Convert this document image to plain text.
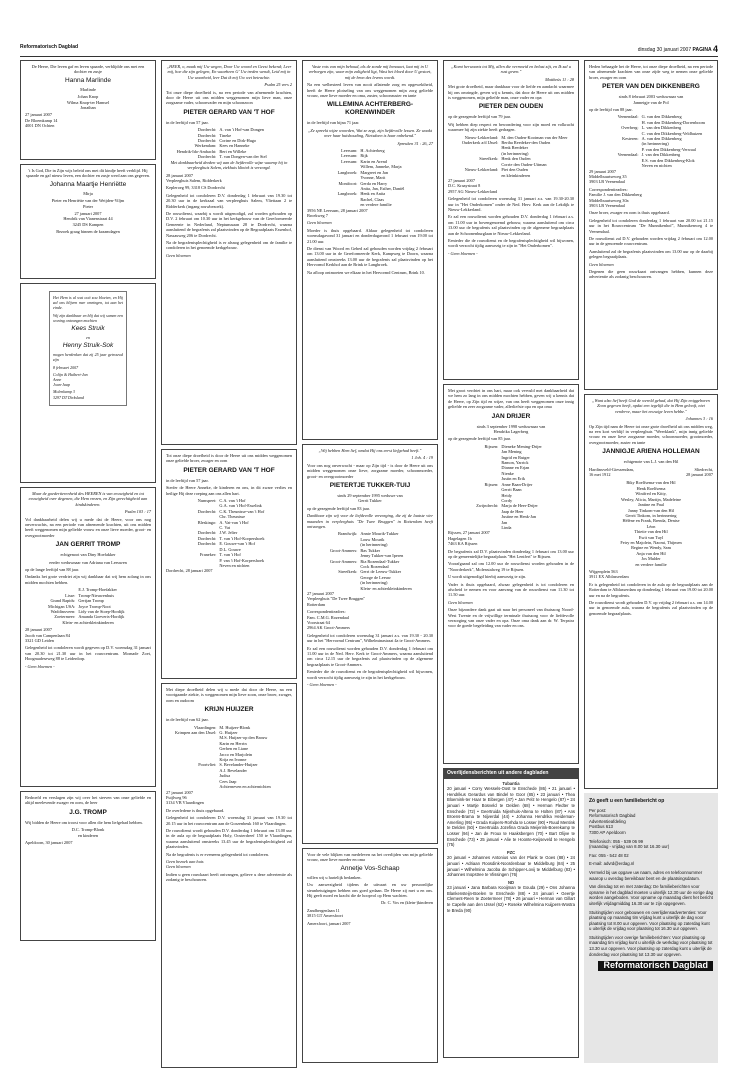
Reformatorisch Dagblad	dinsdag 30 januari 2007 PAGINA 4

De Heere, Die leven gaf en leven spaarde, verblijdde ons met een dochter en zusje

Hanna Marlinde

Marlinde

Johan Knop
Wilma Knop-ter Hamsel
Jonathan

27 januari 2007
De Bloemkamp 14
4001 DN Ochten

't Is God, Die in Zijn wijs beleid ons met dit kindje heeft verblijd. Hij spaarde en gaf nieuw leven, een dochter en zusje werd aan ons gegeven.

Johanna Maartje Henriëtte

Mirja

Pieter en Henriëtte van der Weijden-Viljm
Pieter

27 januari 2007
Hendrik van Vianenstraat 44
3245 DS Kampen

Bezoek graag binnen de kraamdagen

Het Hem is al wat ooit zou bloeien, en Hij zal ons blijven mee omringen, tot aan het einde.

Wij zijn dankbaar en blij dat wij samen een woning ontvangen mochten

Kees Struik

en

Henny Struik-Sok

mogen herdenken dat zij 25 jaar getrouwd zijn

8 februari 2007

Colijn & Huibert-Jan
Anne
Joan-Jaap

Molenkamp 3
3297 DT Dirksland

Maar de goedertierenheid des HEEREN is van eeuwigheid en tot eeuwigheid over degenen, die Hem vrezen, en Zijn gerechtigheid aan kindskinderen.

Psalm 103 : 17

Vol dankbaarheid delen wij u mede dat de Heere, voor ons nog onverwachts, na een periode van afnemende krachten, uit ons midden heeft weggenomen mijn geliefde vrouw en onze lieve moeder, groot- en overgrootmoeder

JAN GERRIT TROMP

echtgenoot van Diny Hoefakker

eerder weduwnaar van Adriana van Leeuwen

op de lange leeftijd van 88 jaar.

Ondanks het grote verdriet zijn wij dankbaar dat wij hem zolang in ons midden mochten hebben.

E.J. Tromp-Hoefakker
Lisse: Tromp-Nieuwenhuis
Grand Rapids: Gertjan Tromp
Michigan USA: Joyce Tromp-Noot
Waddinxveen: Lidy van de Stoep-Hordijk
Zoetermeer: Amanda Goeverts-Hordijk

Klein- en achterkleinkinderen

28 januari 2007
Jacob van Campenlaan 84
3321 GD Leiden

Gelegenheid tot condoleren wordt gegeven op D.V. woensdag 31 januari van 20.30 tot 21.30 uur in het rouwcentrum. Mornade Zoet, Hoogmadeseweg 88 te Leiderdorp.

- Geen bloemen -

Bedroefd en verslagen zijn wij over het sterven van onze geliefde en altijd meelevende zwager en oom, de heer

J.G. TROMP

Wij bidden de Heere om troost voor allen die hem liefgehad hebben.

D.C. Tromp-Blonk
en kinderen

Apeldoorn, 30 januari 2007

„HEER, o, maak mij Uw wegen, Door Uw woord en Geest bekend; Leer mij, hoe die zijn gelegen, En waarheen G' Uw treden wendt, Leid mij in Uw waarheid, leer Dat ik mij Uw wet betrachte.

Psalm 25 vers 2

Tot onze diepe droefheid is, na een periode van afnemende krachten, door de Heere uit ons midden weggenomen mijn lieve man, onze zorgzame vader, schoonvader en mijn schoonzoon

PIETER GERARD VAN 'T HOF

in de leeftijd van 57 jaar.

Dordrecht: A. van 't Hof-van Dongen
Dordrecht: Tineke
Dordrecht: Corine en Dirk-Hugo
Werkendam: Kees en Hanneke
Hendrik-Ido-Ambacht: Bert en Willeke
Dordrecht: T. van Dongen-van der Stel

Met dankbaarheid denken wij aan de liefdevolle wijze waarop hij in verpleeghuis Salem, ziekhuis kliniek is verzorgd.

28 januari 2007
Verpleeghuis Salem, Ridderkerk

Kepleroeg 99, 3318 CS Dordrecht

Gelegenheid tot condoleren D.V. donderdag 1 februari van 19.30 tot 20.30 uur in de kerkzaal van verpleeghuis Salem, Vliettaan 2 te Ridderkerk (ingang rouwbezoek).

De rouwdienst, waarbij u wordt uitgenodigd, zal worden gehouden op D.V. 2 februari om 10.30 uur in het kerkgebouw van de Gereformeerde Gemeente in Nederland, Neptunusaan 28 te Dordrecht, waarna aansluitend de begrafenis zal plaatsvinden op de Begraafplaats Essenhof, Nassauweg 206 te Dordrecht.

Na de begrafenisplechtigheid is er alsnog gelegenheid om de familie te condoleren in het genoemde kerkgebouw.

Geen bloemen

Tot onze diepe droefheid is door de Heere uit ons midden weggenomen onze geliefde broer, zwager en oom

PIETER GERARD VAN 'T HOF

in de leeftijd van 57 jaar.

Sterfer de Heere Anneke, de kinderen en ons, in dit zware verlies en heilige Hij deze roeping aan ons allen hart.

Numspeet: C.A. van 't Hof
G.A. van 't Hof-Esselink
Dordrecht: C.K. Theunisse-van 't Hof
Chr. Theunisse
Bleskingo: A. Vat-van 't Hof
C. Vat
Dordrecht: J.W. Jelier
Dordrecht: T. van 't Hof-Korpershoek
Dordrecht: E. Gouwe-van 't Hof
D.L. Gouwe
Franeker: T. van 't Hof
P. van 't Hof-Korpershoek
Neven en nichten

Dordrecht, 28 januari 2007

Met diepe droefheid delen wij u mede dat door de Heere, na een voortgaande ziekte, is weggenomen mijn lieve zoon, onze broer, zwager, oom en oudoom

KRIJN HUIJZER

in de leeftijd van 62 jaar.

Vlaardingen: M. Huijzer-Blonk
Krimpen aan den IJssel: G. Huijzer
M.S. Huijzer-op den Brouw
Karin en Herrin
Gerben en Liane
Jacco en Marjolein
Krija en Ivonne
Poortvliet: S. Bevelander-Huijzer
A.J. Bevelander
Judisa
Cees Jaap
Achterneven en achternichten

27 januari 2007
Fuijlweg 96
3134 VB Vlaardingen

De overledene is thuis opgebaard.

Gelegenheid tot condoleren D.V. woensdag 31 januari van 19.30 tot 20.15 uur in het rouwcentrum aan de Gorzenbeuk 160 te Vlaardingen.

De rouwdienst wordt gehouden D.V. donderdag 1 februari om 13.00 uur in de aula op de begraafplaats Holy, Oosterdreef 150 te Vlaardingen, waarna aansluitend omstreeks 13.45 uur de begrafenisplechtigheid zal plaatsvinden.

Na de begrafenis is er eveneens gelegenheid tot condoleren.

Geen bezoek aan huis
Geen bloemen

Indien u geen rouwkaart heeft ontvangen, gelieve u deze advertentie als zodanig te beschouwen.

Vaste rots van mijn behoud, als de zonde mij benauwt, laat mij in U verborgen zijn, waar mijn zaligheid ligt, Wast het bloed door U gestort, mij de bron des levens wordt.

Na een welbesteed leven van nooit aflatende zorg en opgewektheid, heeft de Heere plotseling van ons weggenomen mijn zorg geliefde vrouw, onze lieve moeder en oma, zuster, schoonzuster en tante

WILLEMINA ACHTERBERG-KORENWINDER

in de leeftijd van bijna 71 jaar.

„Ze spreekt wijze woorden, Wat ze zegt, zijn liefdevolle lessen. Ze waakt over haar huishouding, Nietsdoen is haar onbekend."

Spreuken 31 : 26, 27

Leersum: H. Achterberg
Leersum: Rijk
Leersum: Karin en Arend
Willem, Janneke, Marja
Langbroek: Margreet en Jan
Yvonne, Marit
Montfoort: Gerda en Harry
Anita, Jan, Esther, Daniël
Langbroek: Henk en Anita
Rachel, Claas
en verdere familie

3956 NE Leersum, 28 januari 2007
Broekweg 7

Geen bloemen

Moeder is thuis opgebaard. Aldaar gelegenheid tot condoleren woensdagavond 31 januari en donderdagavond 1 februari van 19.00 tot 21.00 uur.

De dienst van Woord en Gebed zal gehouden worden vrijdag 2 februari om 13.00 uur in de Gereformeerde Kerk, Kampweg te Doorn, waarna aansluitend omstreeks 13.00 uur de begrafenis zal plaatsvinden op het Hervormd Kerkhof aan de Brink te Langbroek.

Na afloop ontmoeten we elkaar in het Hervormd Centrum, Brink 10.

„Wij hebben Hem lief, omdat Hij ons eerst liefgehad heeft."

1 Joh. 4 : 19

Voor ons nog onverwacht - maar op Zijn tijd - is door de Heere uit ons midden weggenomen onze lieve, zorgzame moeder, schoonmoeder, groot- en overgrootmoeder

PIETERTJE TUKKER-TUIJ

sinds 29 september 1995 weduwe van
Gerrit Tukker

op de gezegende leeftijd van 83 jaar.

Dankbaar zijn wij voor de liefdevolle verzorging, die zij de laatste vier maanden in verpleeghuis "De Twee Bruggen" in Rotterdam heeft ontvangen.

Brandwijk: Annie Mourik-Tukker
Louw Mourik
(in herinnering)
Groot-Ammers: Bas Tukker
Jenny Tukker-van Iperen
Groot-Ammers: Ria Rozendaal-Tukker
Cock Rozendaal
Streefkerk: Gerri de Leeuw-Tukker
George de Leeuw
(in herinnering)
Klein- en achterkleinkinderen

27 januari 2007
Verpleeghuis "De Twee Bruggen"
Rotterdam

Correspondentieadres:
Fam. C.M.G. Rozendaal
Voorstraat 64
2964 AK Groot-Ammers

Gelegenheid tot condoleren woensdag 31 januari a.s. van 19.30 - 20.30 uur in het "Hervormd Centrum", Wilhelminastraat 4a te Groot-Ammers.

Er zal een rouwdienst worden gehouden D.V. donderdag 1 februari om 11.00 uur in de Ned. Herv. Kerk te Groot-Ammers, waarna aansluitend om circa 12.15 uur de begrafenis zal plaatsvinden op de algemene begraafplaats te Groot-Ammers.

Eenieder die de rouwdienst en de begrafenisplechtigheid wil bijwonen, wordt verzocht tijdig aanwezig te zijn in het kerkgebouw.

- Geen bloemen -

Voor de vele blijken van medeleven na het overlijden van mijn geliefde vrouw, onze lieve moeder en oma

Annetje Vos-Schaap

willen wij u hartelijk bedanken.

Uw aanwezigheid tijdens de uitvaart en uw persoonlijke steunbetuigingen hebben ons goed gedaan. De Heere zij met u en ons. Hij geeft moed en kracht die de hoopvol op Hem wachten.

Dr. C. Vos en (klein-)kinderen

Zandbergenlaan 11
3815 GT Amersfoort

Amersfoort, januari 2007

„Komt herwaarts tot Mij, allen die vermoeid en belast zijt, en Ik zal u rust geven."

Mattheüs 11 : 28

Met grote droefheid, maar dankbaar voor de liefde en aandacht waarmee hij ons omringde, geven wij u kennis, dat door de Heere uit ons midden is weggenomen, mijn geliefde man, onze vader en opa

PIETER DEN OUDEN

op de gezegende leeftijd van 79 jaar.

Wij hebben diep respect en bewondering voor zijn moed en volkracht waarmee hij zijn ziekte heeft gedragen.

Nieuw-Lekkerland: M. den Ouden-Kooiman van der Meer
Ouderkerk a/d IJssel: Bertha Reedeker-den Ouden
Henk Reedeker
(in herinnering)
Streefkerk: Henk den Ouden
Corrie den Ouden-Uitman
Nieuw-Lekkerland: Piet den Ouden
en kleinkinderen

27 januari 2007
D.C. Kraaystraat 8
2957 AG Nieuw-Lekkerland

Gelegenheid tot condoleren woensdag 31 januari a.s. van 19.30-20.30 uur in "Het Onderkomen" onder de Ned. Herv. Kerk aan de Lekdijk te Nieuw-Lekkerland.

Er zal een rouwdienst worden gehouden D.V. donderdag 1 februari a.s. om 11.00 uur in bovengenoemd gebouw, waarna aansluitend om circa 13.00 uur de begrafenis zal plaatsvinden op de algemene begraafplaats aan de Schoonenburglaan te Nieuw-Lekkerland.

Eenieder die de rouwdienst en de begrafenisplechtigheid wil bijwonen, wordt verzocht tijdig aanwezig te zijn in "Het Onderkomen".

- Geen bloemen -

Met groot verdriet in ons hart, maar ook vervuld met dankbaarheid dat we hem zo lang in ons midden mochten hebben, geven wij u kennis dat de Heere, op Zijn tijd en wijze, van ons heeft weggenomen onze innig geliefde en zeer zorgzame vader, allerliefste opa en opa oma

JAN DRIJER

sinds 3 september 1998 weduwnaar van
Hendrika Lagerberg

op de gezegende leeftijd van 85 jaar.

Rijssen: Dieneke Mening-Drijer
Jan Mening
Ingrid en Rutger
Ramon, Yarrick
Dianne en Erjan
Nienke
Justin en Erik
Rijssen: Anne Baan-Drijer
Gerrit Baan
Heidy
Cordy
Zwijndrecht: Marja de Heer-Drijer
Jaap de Heer
Justine en Henk-Jan
Jan
Linda

Rijssen, 27 januari 2007
Hagelagen 1b
7463 KA Rijssen

De begrafenis zal D.V. plaatsvinden donderdag 1 februari om 13.00 uur op de gemeentelijke begraafplaats "Het Lentfert" te Rijssen.

Voorafgaand zal om 12.00 uur de rouwdienst worden gehouden in de "Noorderkerk", Molenstalweg 19 te Rijssen.

U wordt uitgenodigd hierbij aanwezig te zijn.

Vader is thuis opgebaard, alwaar gelegenheid is tot condoleren en afscheid te nemen en voor aanvang van de rouwdienst van 11.30 tot 11.50 uur.

Geen bloemen

Onze bijzondere dank gaat uit naar het personeel van thuiszorg Noord-West Twente en de vrijwillige terminale thuiszorg voor de liefdevolle verzorging van onze vader en opa. Onze oma dank aan dr. W. Terpstra voor de goede begeleiding van vader en ons.

Overlijdensberichten uit andere dagbladen
Tubantia

20 januari • Corry Wessels-Oost te Enschede (86) • 21 januari • Hendrikus Gerardus van Bindel te Goor (85) • 23 januari • Thea Bloemink-ter Haar te Eibergen (47) • Jan Pelz te Hengelo (87) • 24 januari • Martje Bosveld te Delden (68) • Herman Fledter te Enschede (72) • Geertruida Nijenhuis-Altena te Holten (87) • Ans Broens-Brama te Nijverdal (44) • Johanna Hendrika Heideman-Amerling (95) • Grada Kuipers-Rorhda te Losser (90) • Ruud Mentink te Delden (50) • Geertruida Jozefina Grada Meijerink-Boerekamp te Losser (94) • Jan de Froux te Haaksbergen (70) • Bart Olijve te Enschede (73) • 25 januari • Alie te Hoonte-Keijseveld te Hengelo (75)

PZC

20 januari • Johannes Antonius van der Plank te Goes (88) • 24 januari • Adriaan Roosdink-Noordenbaar te Middelburg (84) • 25 januari • Wilhelmina Jacoba de Schipper-Lovij te Middelburg (83) • Johannes Inopstree te Vlissingen (76)

ND

23 januari • Jana Barbara Kooijman te Gouda (29) • Ons Johanna Blankensteijn-Boelen te Enschede (88) • 24 januari • Geertje Clement-Reen te Zoetermeer (78) • 26 januari • Herman van Gillart te Capelle aan den IJssel (62) • Roseke Wilhelmina Kuijpers-Wostra te Breda (90)

Heden behaagde het de Heere, tot onze diepe droefheid, na een periode van afnemende krachten van onze zijde weg te nemen onze geliefde broer, zwager en oom

PETER VAN DEN DIKKENBERG

sinds 8 februari 2003 weduwnaar van
Janneigje van de Pol

op de leeftijd van 88 jaar.

Veenendaal: G. van den Dikkenberg
H. van den Dikkenberg-Dorrenboom
Overberg: L. van den Dikkenberg
C. van den Dikkenberg-Veldhuizen
Kesteren: A. van den Dikkenberg
(in herinnering)
P. van den Dikkenberg-Verwaal
Veenendaal: J. van den Dikkenberg
E.S. van den Dikkenberg-Klok
Neven en nichten

29 januari 2007
Middelbuurtseweg 35
3903 LB Veenendaal

Correspondentieadres:
Familie J. van den Dikkenberg
Middelbuurtseweg 30a
3903 LB Veenendaal

Onze broer, zwager en oom is thuis opgebaard.

Gelegenheid tot condoleren donderdag 1 februari van 20.00 tot 21.15 uur in het Rouwcentrum "De Munnikenhof", Munnikenweg 4 te Veenendaal.

De rouwdienst zal D.V. gehouden worden vrijdag 2 februari om 12.00 uur in de genoemde rouwcentrum.

Aansluitend zal de begrafenis plaatsvinden om 13.00 uur op de daarbij gelegen begraafplaats.

Geen bloemen

Degenen die geen rouwkaart ontvangen hebben, kunnen deze advertentie als zodanig beschouwen.

„Want alzo lief heeft God de wereld gehad, dat Hij Zijn eniggeboren Zoon gegeven heeft, opdat een iegelijk die in Hem gelooft, niet verderve, maar het eeuwige leven hebbe."

Johannes 3 : 16

Op Zijn tijd nam de Heere tot onze grote droefheid uit ons midden weg, na een kort verblijf in verpleeghuis "Weerklank", mijn innig geliefde vrouw en onze lieve zorgzame moeder, schoonmoeder, grootmoeder, overgrootmoeder, zuster en tante

JANNIGJE ARIENA HOLLEMAN

echtgenote van L.J. van den Hil

Hardinxveld-Giessendam,
16 mei 1912
Sliedrecht,
28 januari 2007

Biky Roelfsema-van den Hil
Henk Roelfsema
Winifred en Kitty,
Wesley, Alicia, Martijn, Madeleine
Jantine en Paul
Janny Tinkom-van den Hil
Gerrit Tinkom, in herinnering
Hélène en Frank, Brenda, Denise
Léon
Thietie van den Hil
Ewit van Tuyl
Feiry en Majolein, Naomi, Thijmen
Regine en Wendy, Sam
Anja van den Hil
Jos Mulder
en verdere familie

Wijgenplein 563
3911 EX Alblasserdam

Er is gelegenheid tot condoleren in de aula op de begraafplaats aan de Rotterdam te Alblasserdam op donderdag 1 februari van 19.00 tot 20.00 uur en na de begrafenis.

De rouwdienst wordt gehouden D.V. op vrijdag 2 februari a.s. om 14.00 uur in genoemde aula, waarna de begrafenis zal plaatsvinden op de genoemde begraafplaats.

Zó geeft u een familiebericht op

Per post:

Reformatorisch Dagblad
Advertentieafdeling
Postbus 613
7300 AP Apeldoorn

Telefonisch: 055 - 539 06 99

(maandag - vrijdag van 8.00 tot 16.30 uur)

Fax: 055 - 542 48 02

E-mail: advrd@erdag.nl

Vermeld bij uw opgave uw naam, adres en telefoonnummer waarop u overdag bereikbaar bent en de plaatsingsdatum.

Van dinsdag tot en met zaterdag: De familieberichten voor opname in het dagblad moeten u uiterlijk 12.30 uur de vorige dag worden aangeboden. Voor opname op maandag dient het bericht uiterlijk vrijdagmiddag 16.30 uur te zijn opgegeven.

Stuitingtijden voor gebouwen en overlijdensadvertenties: Voor plaatsing op maandag tim vrijdag kunt u uiterlijk de dag voor plaatsing tot 8.00 uur opgeven. Voor plaatsing op zaterdag kunt u uiterlijk de vrijdag voor plaatsing tot 16.30 uur opgeven.

Stuitingtijden voor overige familieberichten: Voor plaatsing op maandag tim vrijdag kunt u uiterlijk de werkdag voor plaatsing tot 13.30 uur opgeven. Voor plaatsing op zaterdag kunt u uiterlijk de donderdag voor plaatsing tot 13.30 uur opgeven.

Reformatorisch Dagblad
